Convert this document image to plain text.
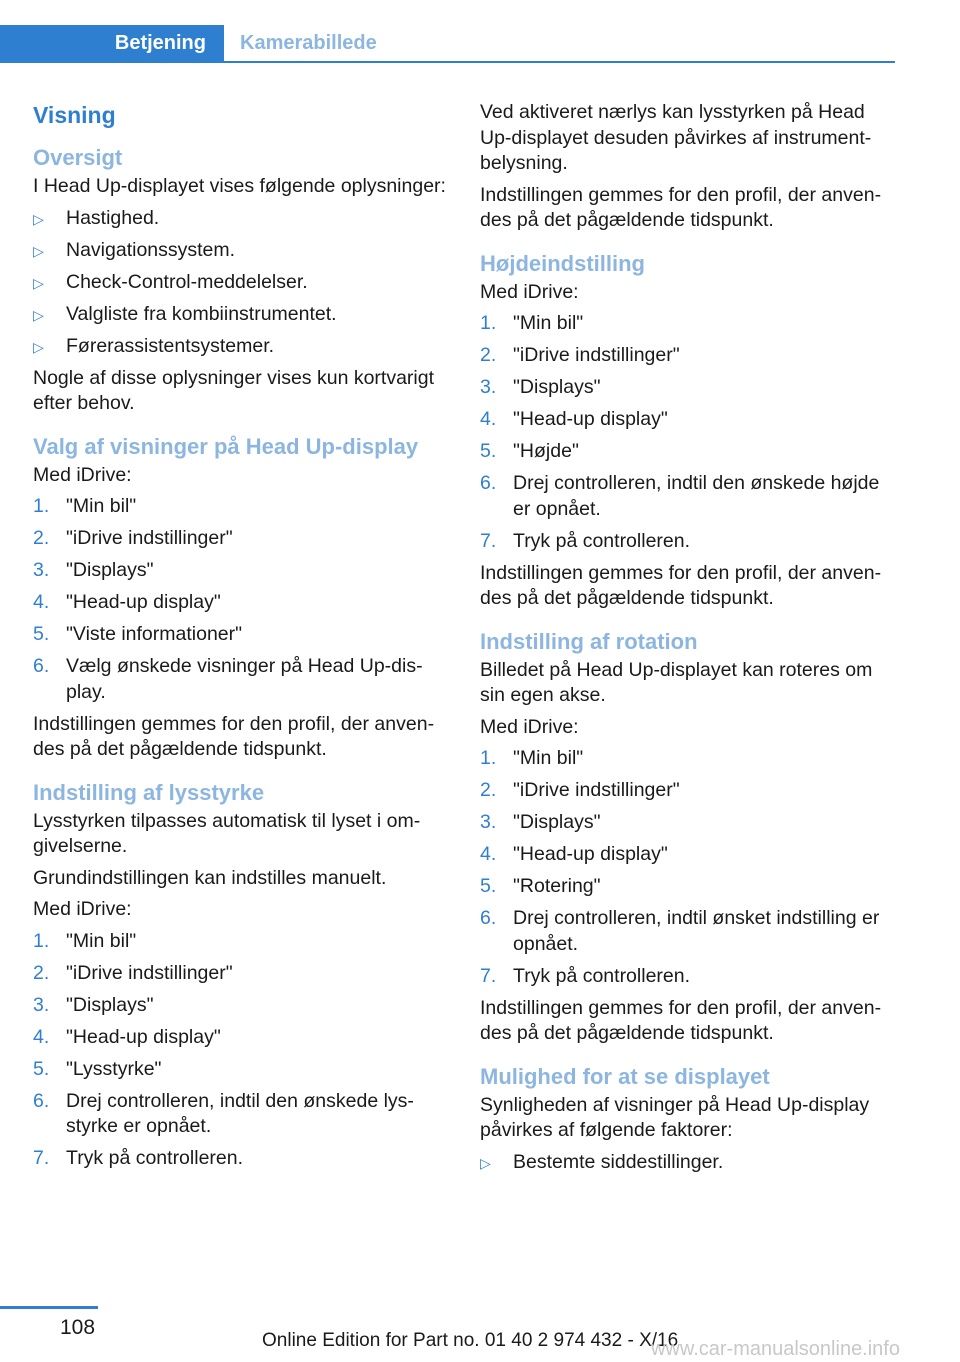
Betjening	Kamerabillede
Visning
Oversigt

I Head Up-displayet vises følgende oplysninger:

▷ Hastighed.
▷ Navigationssystem.
▷ Check-Control-meddelelser.
▷ Valgliste fra kombiinstrumentet.
▷ Førerassistentsystemer.

Nogle af disse oplysninger vises kun kortvarigt efter behov.

Valg af visninger på Head Up-display

Med iDrive:

1. "Min bil"
2. "iDrive indstillinger"
3. "Displays"
4. "Head-up display"
5. "Viste informationer"
6. Vælg ønskede visninger på Head Up-display.

Indstillingen gemmes for den profil, der anvendes på det pågældende tidspunkt.

Indstilling af lysstyrke

Lysstyrken tilpasses automatisk til lyset i omgivelserne.

Grundindstillingen kan indstilles manuelt.

Med iDrive:

1. "Min bil"
2. "iDrive indstillinger"
3. "Displays"
4. "Head-up display"
5. "Lysstyrke"
6. Drej controlleren, indtil den ønskede lysstyrke er opnået.
7. Tryk på controlleren.

Ved aktiveret nærlys kan lysstyrken på Head Up-displayet desuden påvirkes af instrumentbelysning.

Indstillingen gemmes for den profil, der anvendes på det pågældende tidspunkt.

Højdeindstilling

Med iDrive:

1. "Min bil"
2. "iDrive indstillinger"
3. "Displays"
4. "Head-up display"
5. "Højde"
6. Drej controlleren, indtil den ønskede højde er opnået.
7. Tryk på controlleren.

Indstillingen gemmes for den profil, der anvendes på det pågældende tidspunkt.

Indstilling af rotation

Billedet på Head Up-displayet kan roteres om sin egen akse.

Med iDrive:

1. "Min bil"
2. "iDrive indstillinger"
3. "Displays"
4. "Head-up display"
5. "Rotering"
6. Drej controlleren, indtil ønsket indstilling er opnået.
7. Tryk på controlleren.

Indstillingen gemmes for den profil, der anvendes på det pågældende tidspunkt.

Mulighed for at se displayet

Synligheden af visninger på Head Up-display påvirkes af følgende faktorer:

▷ Bestemte siddestillinger.
108
Online Edition for Part no. 01 40 2 974 432 - X/16
www.car-manualsonline.info
